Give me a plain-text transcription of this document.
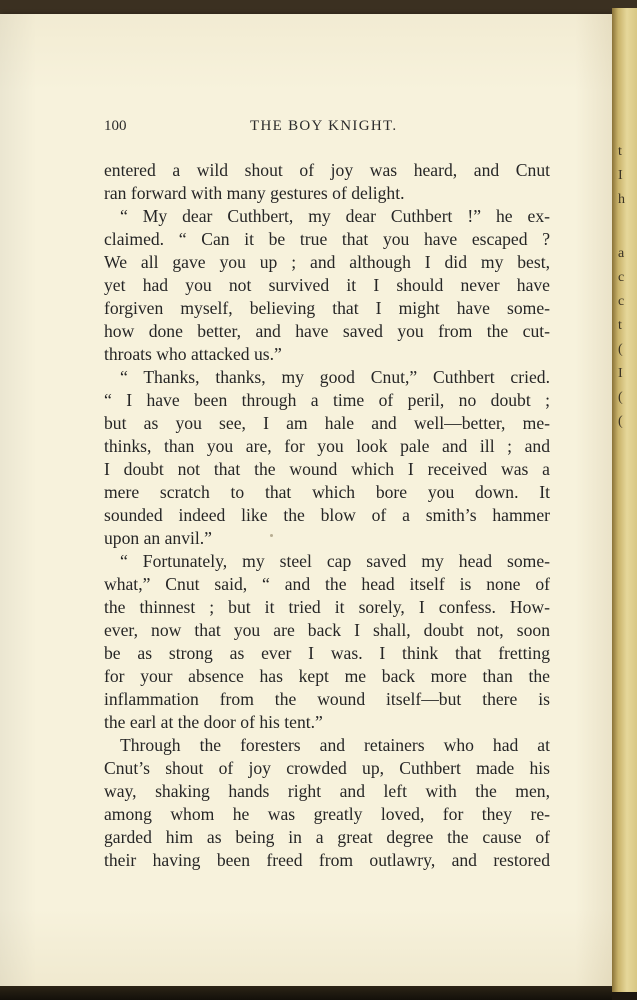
100	THE BOY KNIGHT.
entered a wild shout of joy was heard, and Cnut
ran forward with many gestures of delight.
“ My dear Cuthbert, my dear Cuthbert !” he ex-
claimed. “ Can it be true that you have escaped ?
We all gave you up ; and although I did my best,
yet had you not survived it I should never have
forgiven myself, believing that I might have some-
how done better, and have saved you from the cut-
throats who attacked us.”
“ Thanks, thanks, my good Cnut,” Cuthbert cried.
“ I have been through a time of peril, no doubt ;
but as you see, I am hale and well—better, me-
thinks, than you are, for you look pale and ill ; and
I doubt not that the wound which I received was a
mere scratch to that which bore you down. It
sounded indeed like the blow of a smith’s hammer
upon an anvil.”
“ Fortunately, my steel cap saved my head some-
what,” Cnut said, “ and the head itself is none of
the thinnest ; but it tried it sorely, I confess. How-
ever, now that you are back I shall, doubt not, soon
be as strong as ever I was. I think that fretting
for your absence has kept me back more than the
inflammation from the wound itself—but there is
the earl at the door of his tent.”
Through the foresters and retainers who had at
Cnut’s shout of joy crowded up, Cuthbert made his
way, shaking hands right and left with the men,
among whom he was greatly loved, for they re-
garded him as being in a great degree the cause of
their having been freed from outlawry, and restored
t
I
h
a
c
c
t
(
I
(
(
